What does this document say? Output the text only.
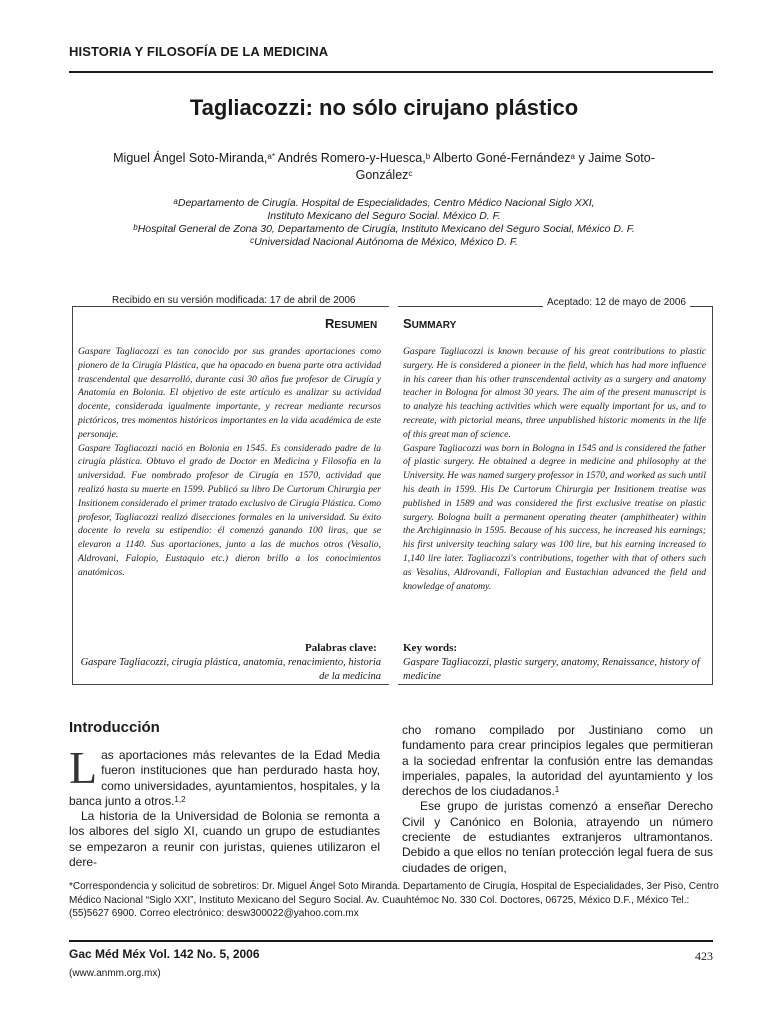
HISTORIA Y FILOSOFÍA DE LA MEDICINA
Tagliacozzi: no sólo cirujano plástico
Miguel Ángel Soto-Miranda,$^{a*}$ Andrés Romero-y-Huesca,$^b$ Alberto Goné-Fernández$^a$ y Jaime Soto-González$^c$
$^a$Departamento de Cirugía. Hospital de Especialidades, Centro Médico Nacional Siglo XXI,
Instituto Mexicano del Seguro Social. México D. F.
$^b$Hospital General de Zona 30, Departamento de Cirugía, Instituto Mexicano del Seguro Social, México D. F.
$^c$Universidad Nacional Autónoma de México, México D. F.
Recibido en su versión modificada: 17 de abril de 2006	Aceptado: 12 de mayo de 2006
RESUMEN SUMMARY

Gaspare Tagliacozzi es tan conocido por sus grandes aportaciones como pionero de la Cirugía Plástica, que ha opacado en buena parte otra actividad trascendental que desarrolló, durante casi 30 años fue profesor de Cirugía y Anatomía en Bolonia. El objetivo de este artículo es analizar su actividad docente, considerada igualmente importante, y recrear mediante recursos pictóricos, tres momentos históricos importantes en la vida académica de este personaje.

Gaspare Tagliacozzi nació en Bolonia en 1545. Es considerado padre de la cirugía plástica. Obtuvo el grado de Doctor en Medicina y Filosofía en la universidad. Fue nombrado profesor de Cirugía en 1570, actividad que realizó hasta su muerte en 1599. Publicó su libro De Curtorum Chirurgia per Insitionem considerado el primer tratado exclusivo de Cirugía Plástica. Como profesor, Tagliacozzi realizó disecciones formales en la universidad. Su éxito docente lo revela su estipendio: él comenzó ganando 100 liras, que se elevaron a 1140. Sus aportaciones, junto a las de muchos otros (Vesalio, Aldrovani, Falopio, Eustaquio etc.) dieron brillo a los conocimientos anatómicos.

Gaspare Tagliacozzi is known because of his great contributions to plastic surgery. He is considered a pioneer in the field, which has had more influence in his career than his other transcendental activity as a surgery and anatomy teacher in Bologna for almost 30 years. The aim of the present manuscript is to analyze his teaching activities which were equally important for us, and to recreate, with pictorial means, three unpublished historic moments in the life of this great man of science.

Gaspare Tagliacozzi was born in Bologna in 1545 and is considered the father of plastic surgery. He obtained a degree in medicine and philosophy at the University. He was named surgery professor in 1570, and worked as such until his death in 1599. His De Curtorum Chirurgia per Insitionem treatise was published in 1589 and was considered the first exclusive treatise on plastic surgery. Bologna built a permanent operating theater (amphitheater) within the Archiginnasio in 1595. Because of his success, he increased his earnings; his first university teaching salary was 100 lire, but his earning increased to 1,140 lire later. Tagliacozzi's contributions, together with that of others such as Vesalius, Aldrovandi, Fallopian and Eustachian advanced the field and knowledge of anatomy.

Palabras clave:
Gaspare Tagliacozzi, cirugía plástica, anatomía, renacimiento, historia de la medicina
Key words:
Gaspare Tagliacozzi, plastic surgery, anatomy, Renaissance, history of medicine
Introducción

Las aportaciones más relevantes de la Edad Media fueron instituciones que han perdurado hasta hoy, como universidades, ayuntamientos, hospitales, y la banca junto a otros.$^{1,2}$

La historia de la Universidad de Bolonia se remonta a los albores del siglo XI, cuando un grupo de estudiantes se empezaron a reunir con juristas, quienes utilizaron el dere-

cho romano compilado por Justiniano como un fundamento para crear principios legales que permitieran a la sociedad enfrentar la confusión entre las demandas imperiales, papales, la autoridad del ayuntamiento y los derechos de los ciudadanos.$^1$

Ese grupo de juristas comenzó a enseñar Derecho Civil y Canónico en Bolonia, atrayendo un número creciente de estudiantes extranjeros ultramontanos. Debido a que ellos no tenían protección legal fuera de sus ciudades de origen,

*Correspondencia y solicitud de sobretiros: Dr. Miguel Ángel Soto Miranda. Departamento de Cirugía, Hospital de Especialidades, 3er Piso, Centro Médico Nacional “Siglo XXI”, Instituto Mexicano del Seguro Social. Av. Cuauhtémoc No. 330 Col. Doctores, 06725, México D.F., México Tel.: (55)5627 6900. Correo electrónico: desw300022@yahoo.com.mx
Gac Méd Méx Vol. 142 No. 5, 2006	423
(www.anmm.org.mx)
